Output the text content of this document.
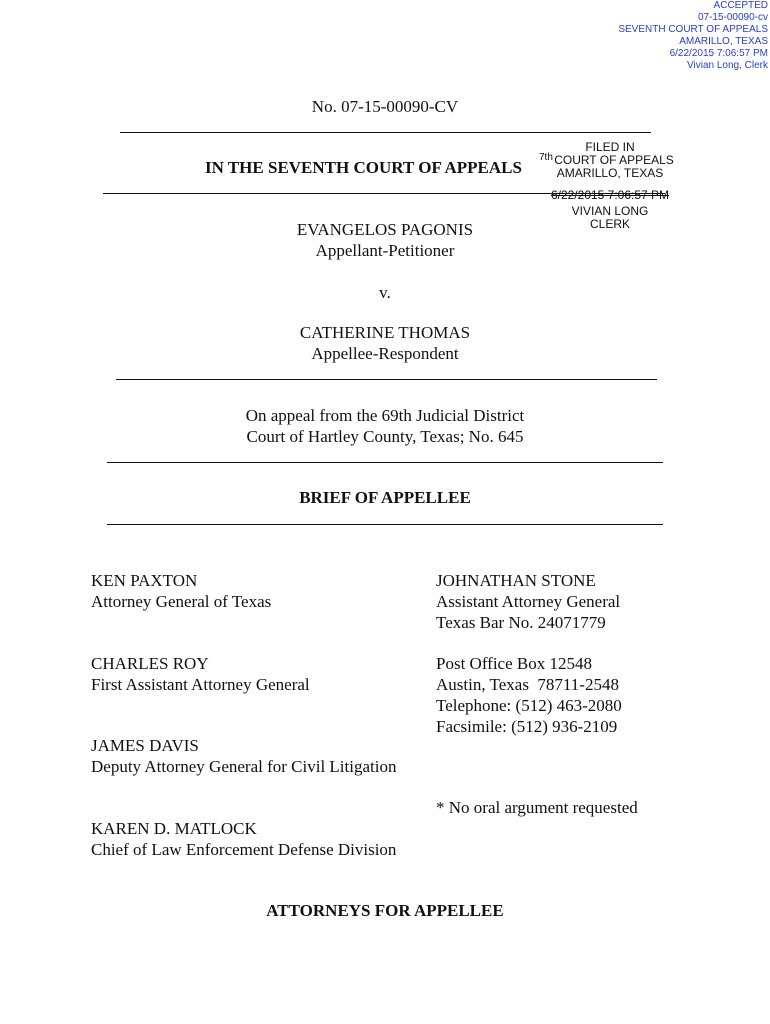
ACCEPTED
07-15-00090-cv
SEVENTH COURT OF APPEALS
AMARILLO, TEXAS
6/22/2015 7:06:57 PM
Vivian Long, Clerk
No. 07-15-00090-CV
IN THE SEVENTH COURT OF APPEALS
FILED IN
7th COURT OF APPEALS
AMARILLO, TEXAS
6/22/2015 7:06:57 PM
VIVIAN LONG
CLERK
EVANGELOS PAGONIS
Appellant-Petitioner
v.
CATHERINE THOMAS
Appellee-Respondent
On appeal from the 69th Judicial District
Court of Hartley County, Texas; No. 645
BRIEF OF APPELLEE
KEN PAXTON
Attorney General of Texas
CHARLES ROY
First Assistant Attorney General
JAMES DAVIS
Deputy Attorney General for Civil Litigation
KAREN D. MATLOCK
Chief of Law Enforcement Defense Division
JOHNATHAN STONE
Assistant Attorney General
Texas Bar No. 24071779
Post Office Box 12548
Austin, Texas  78711-2548
Telephone: (512) 463-2080
Facsimile: (512) 936-2109
* No oral argument requested
ATTORNEYS FOR APPELLEE
